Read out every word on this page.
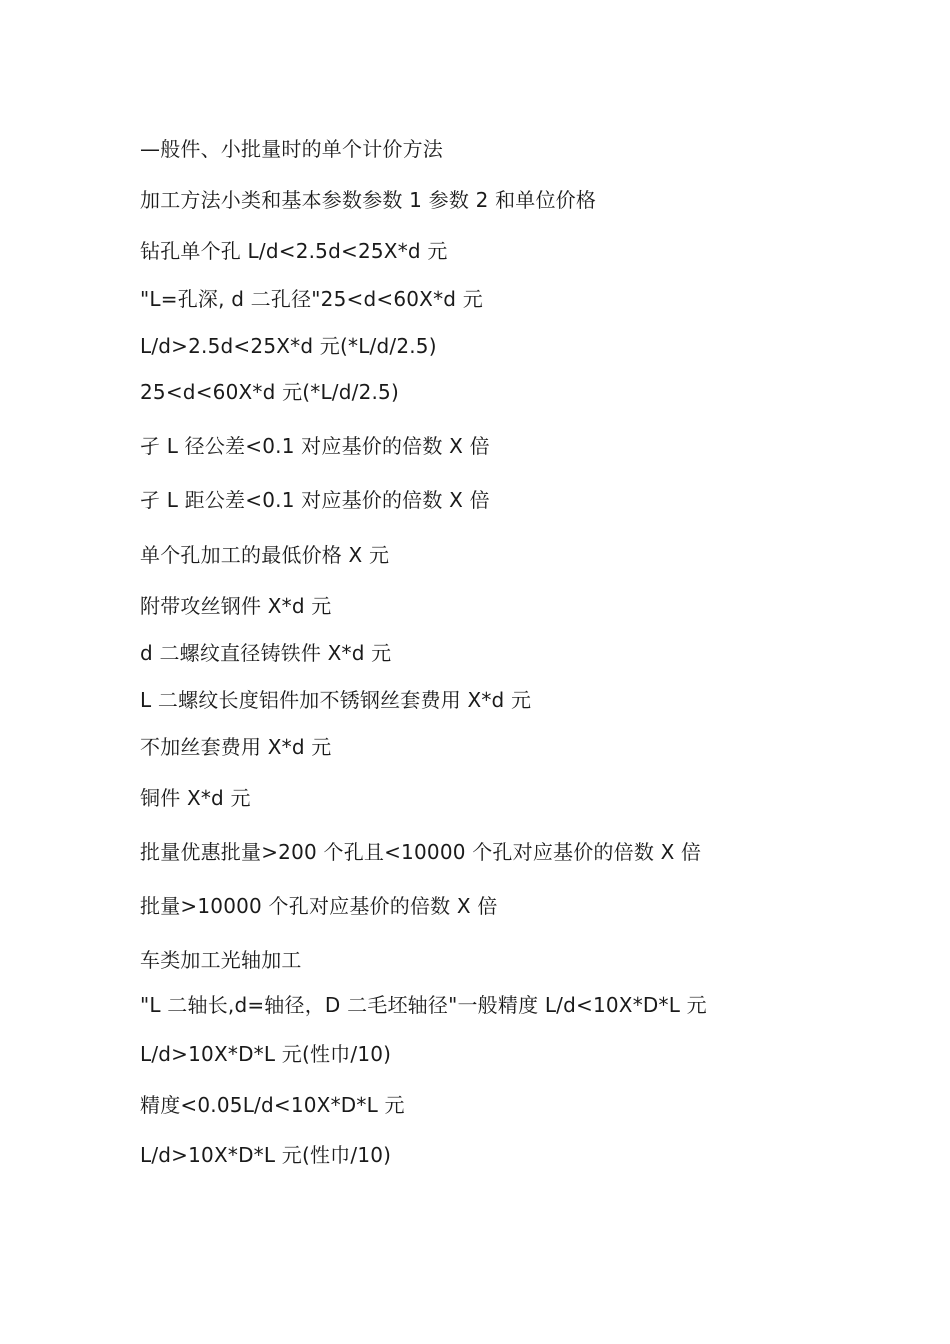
—般件、小批量时的单个计价方法
加工方法小类和基本参数参数 1 参数 2 和单位价格
钻孔单个孔 L/d<2.5d<25X*d 元
"L=孔深, d 二孔径"25<d<60X*d 元
L/d>2.5d<25X*d 元(*L/d/2.5)
25<d<60X*d 元(*L/d/2.5)
孑 L 径公差<0.1 对应基价的倍数 X 倍
孑 L 距公差<0.1 对应基价的倍数 X 倍
单个孔加工的最低价格 X 元
附带攻丝钢件 X*d 元
d 二螺纹直径铸铁件 X*d 元
L 二螺纹长度铝件加不锈钢丝套费用 X*d 元
不加丝套费用 X*d 元
铜件 X*d 元
批量优惠批量>200 个孔且<10000 个孔对应基价的倍数 X 倍
批量>10000 个孔对应基价的倍数 X 倍
车类加工光轴加工
"L 二轴长,d=轴径，D 二毛坯轴径"一般精度 L/d<10X*D*L 元
L/d>10X*D*L 元(性巾/10)
精度<0.05L/d<10X*D*L 元
L/d>10X*D*L 元(性巾/10)
